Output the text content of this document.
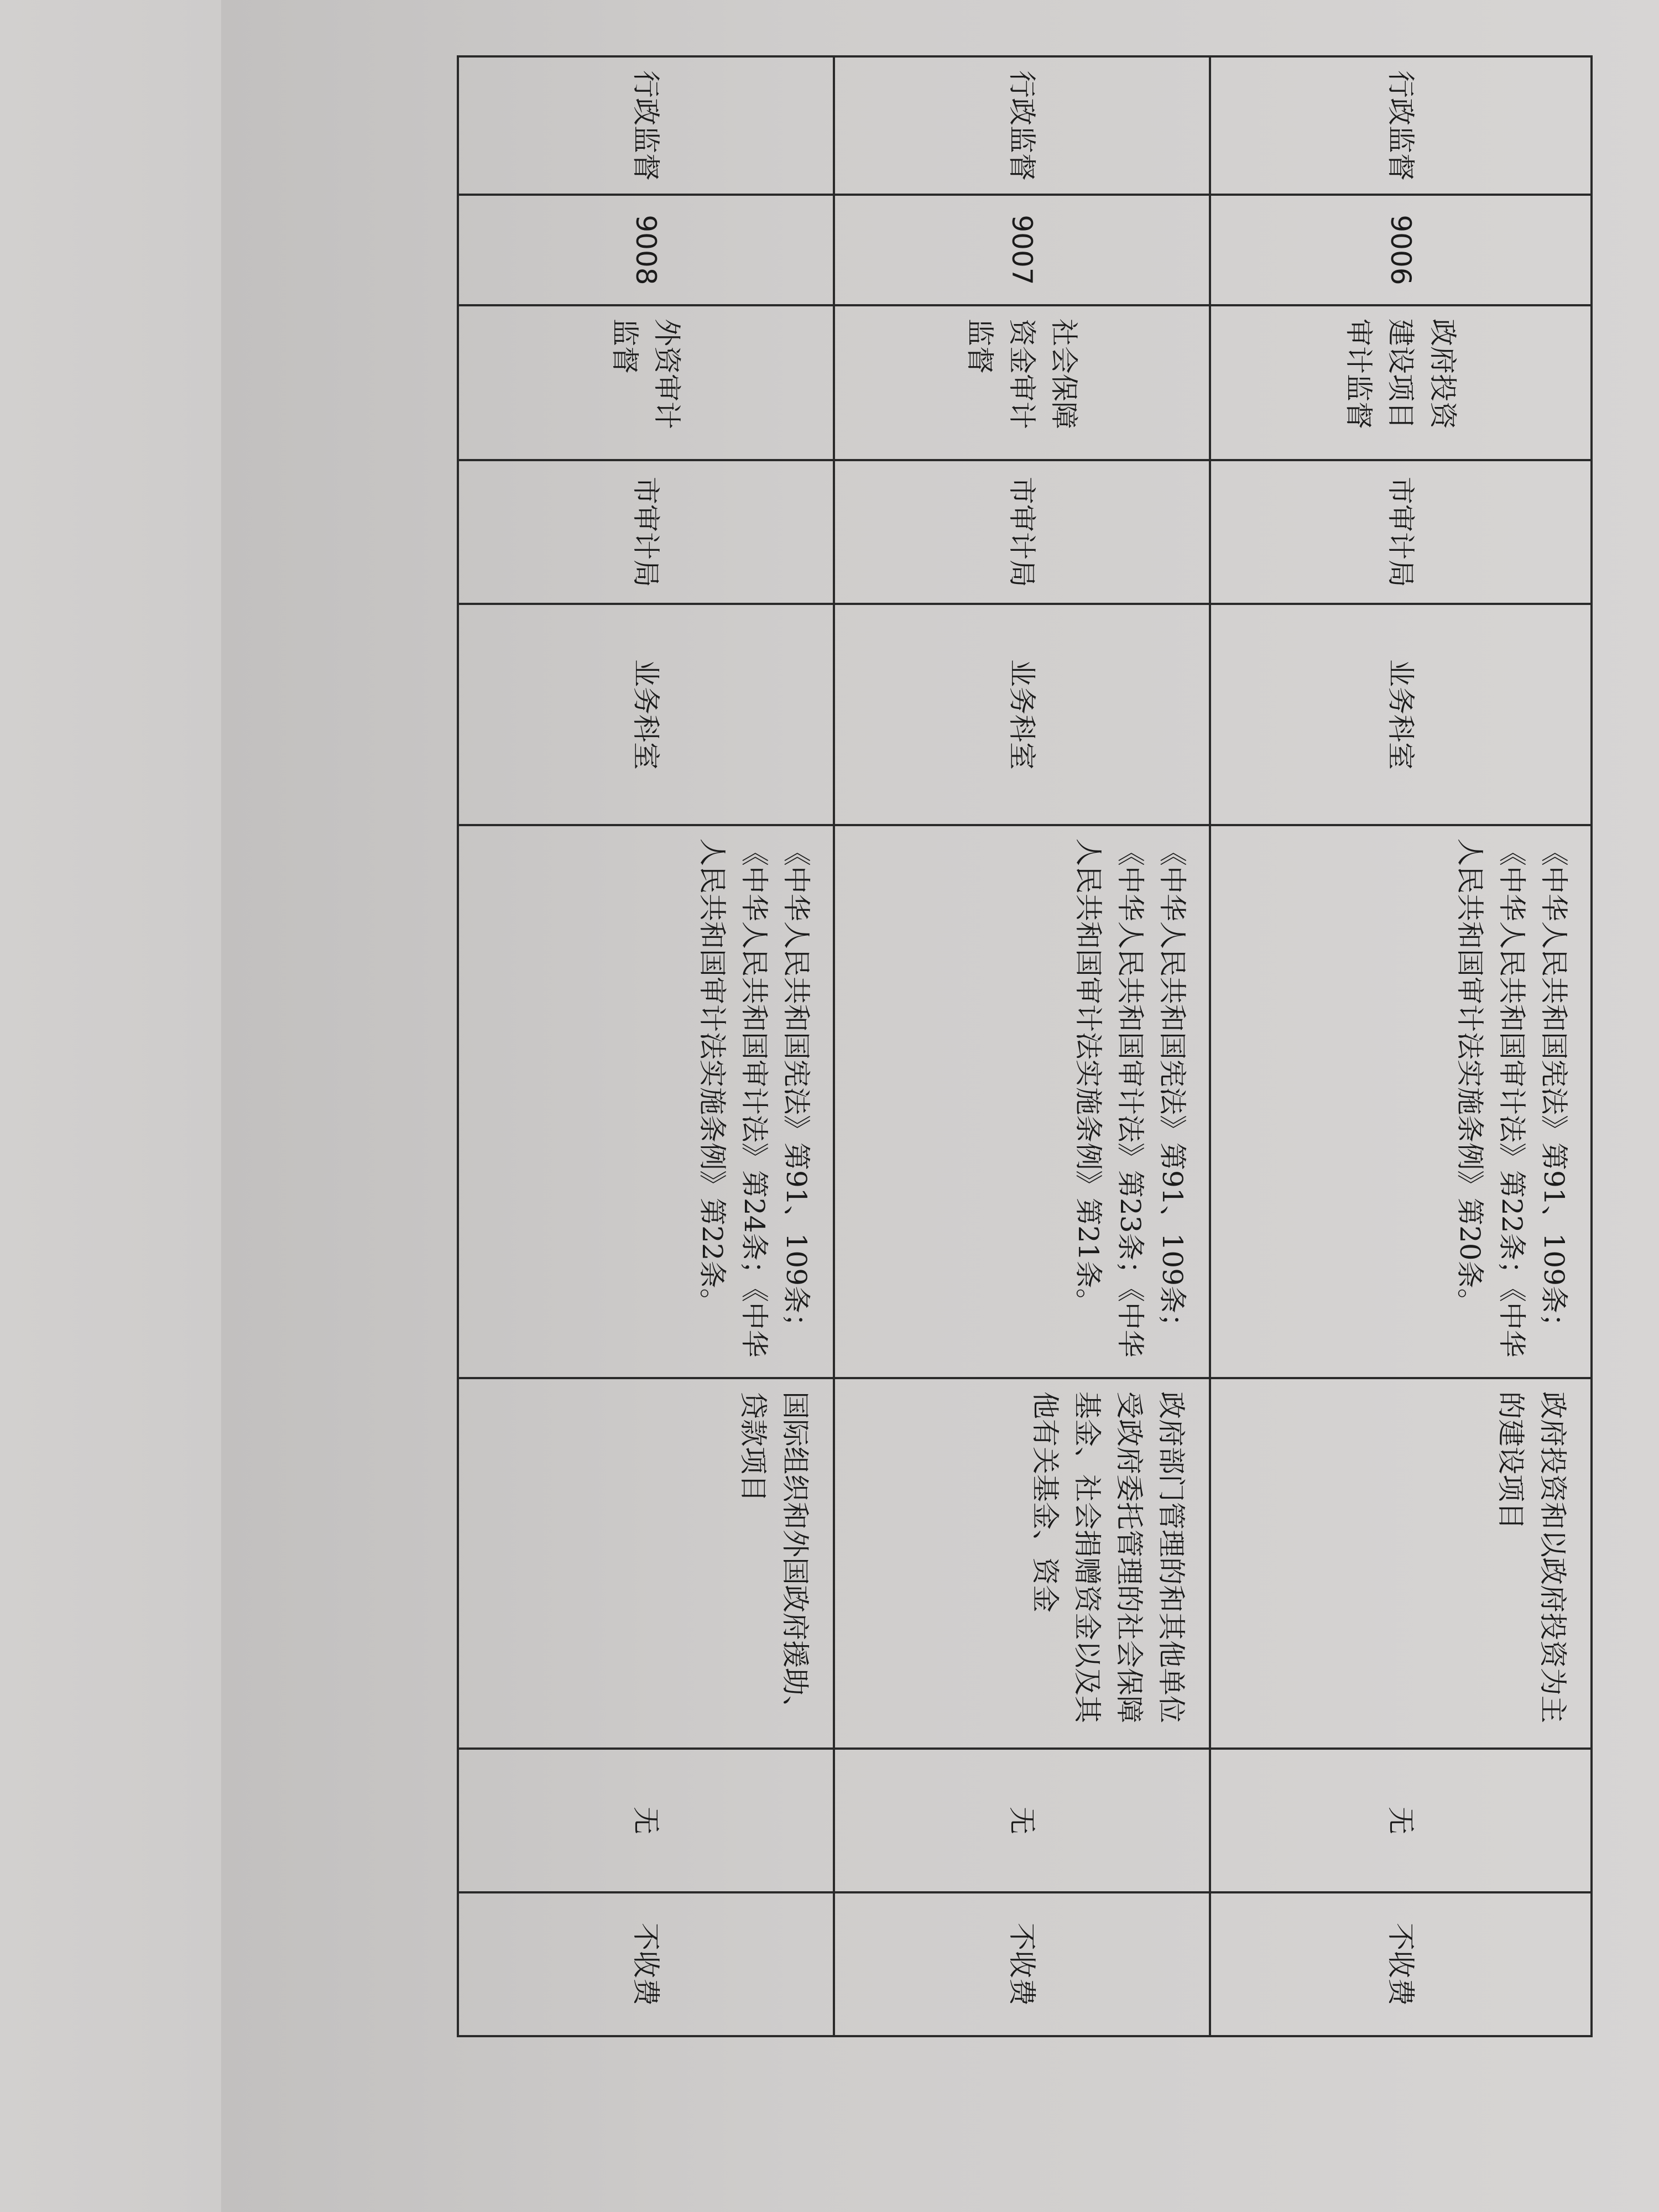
行政监督	9006	政府投资建设项目审计监督	市审计局	业务科室	《中华人民共和国宪法》第91、109条；《中华人民共和国审计法》第22条；《中华人民共和国审计法实施条例》第20条。	政府投资和以政府投资为主的建设项目	无	不收费
行政监督	9007	社会保障资金审计监督	市审计局	业务科室	《中华人民共和国宪法》第91、109条；《中华人民共和国审计法》第23条；《中华人民共和国审计法实施条例》第21条。	政府部门管理的和其他单位受政府委托管理的社会保障基金、社会捐赠资金以及其他有关基金、资金	无	不收费
行政监督	9008	外资审计监督	市审计局	业务科室	《中华人民共和国宪法》第91、109条；《中华人民共和国审计法》第24条；《中华人民共和国审计法实施条例》第22条。	国际组织和外国政府援助、贷款项目	无	不收费
